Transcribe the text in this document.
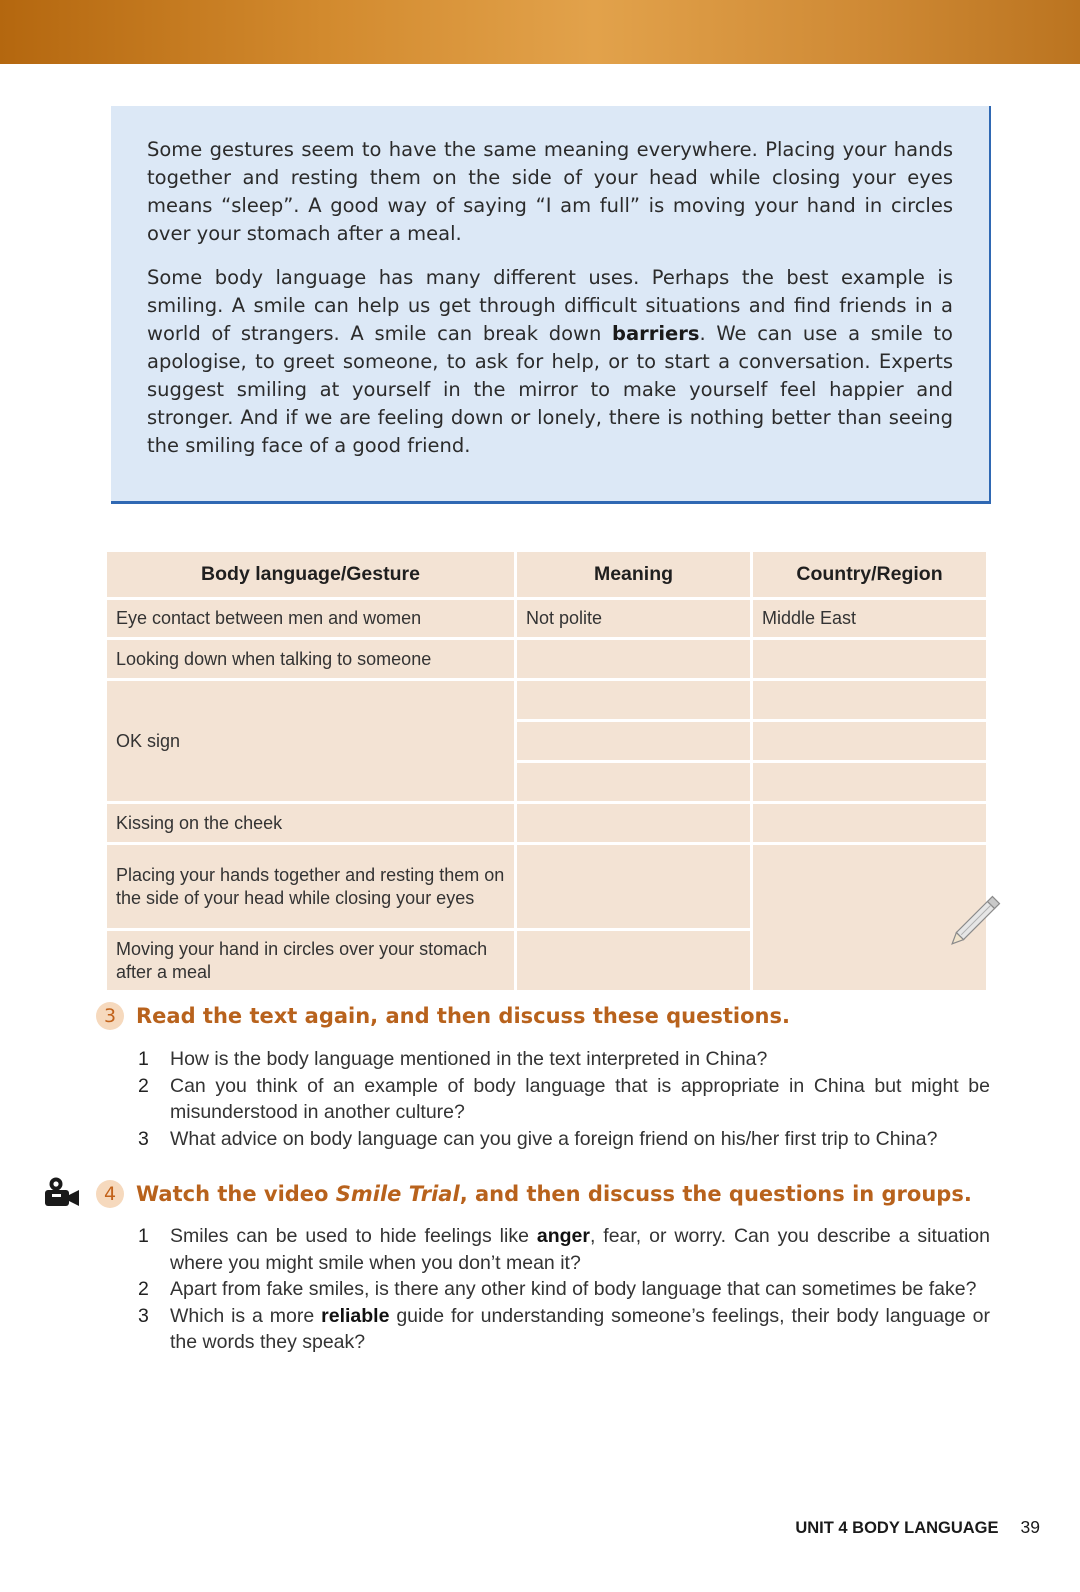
Some gestures seem to have the same meaning everywhere. Placing your hands together and resting them on the side of your head while closing your eyes means “sleep”. A good way of saying “I am full” is moving your hand in circles over your stomach after a meal.

Some body language has many different uses. Perhaps the best example is smiling. A smile can help us get through difficult situations and find friends in a world of strangers. A smile can break down barriers. We can use a smile to apologise, to greet someone, to ask for help, or to start a conversation. Experts suggest smiling at yourself in the mirror to make yourself feel happier and stronger. And if we are feeling down or lonely, there is nothing better than seeing the smiling face of a good friend.

Body language/Gesture	Meaning	Country/Region
Eye contact between men and women	Not polite	Middle East
Looking down when talking to someone		
OK sign		

Kissing on the cheek		
Placing your hands together and resting them on the side of your head while closing your eyes		
Moving your hand in circles over your stomach after a meal		
3 Read the text again, and then discuss these questions.
1	How is the body language mentioned in the text interpreted in China?
2	Can you think of an example of body language that is appropriate in China but might be misunderstood in another culture?
3	What advice on body language can you give a foreign friend on his/her first trip to China?
4 Watch the video Smile Trial, and then discuss the questions in groups.
1	Smiles can be used to hide feelings like anger, fear, or worry. Can you describe a situation where you might smile when you don’t mean it?
2	Apart from fake smiles, is there any other kind of body language that can sometimes be fake?
3	Which is a more reliable guide for understanding someone’s feelings, their body language or the words they speak?
UNIT 4 BODY LANGUAGE 39
